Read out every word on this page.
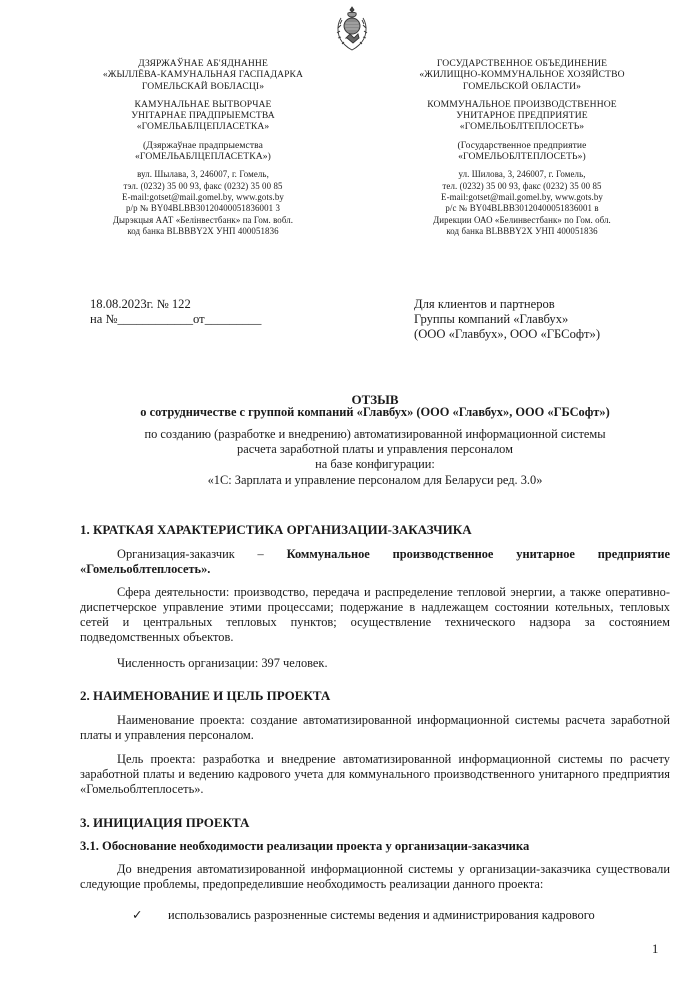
ДЗЯРЖАЎНАЕ АБ'ЯДНАННЕ
«ЖЫЛЛЁВА-КАМУНАЛЬНАЯ ГАСПАДАРКА
ГОМЕЛЬСКАЙ ВОБЛАСЦІ»
КАМУНАЛЬНАЕ ВЫТВОРЧАЕ
УНІТАРНАЕ ПРАДПРЫЕМСТВА
«ГОМЕЛЬАБЛЦЕПЛАСЕТКА»
(Дзяржаўнае прадпрыемства
«ГОМЕЛЬАБЛЦЕПЛАСЕТКА»)
вул. Шылава, 3, 246007, г. Гомель,
тэл. (0232) 35 00 93, факс (0232) 35 00 85
E-mail:gotset@mail.gomel.by, www.gots.by
р/р № BY04BLBB30120400051836001 3
Дырэкцыя ААТ «Белінвестбанк» па Гом. вобл.
код банка BLBBBY2X УНП 400051836
ГОСУДАРСТВЕННОЕ ОБЪЕДИНЕНИЕ
«ЖИЛИЩНО-КОММУНАЛЬНОЕ ХОЗЯЙСТВО
ГОМЕЛЬСКОЙ ОБЛАСТИ»
КОММУНАЛЬНОЕ ПРОИЗВОДСТВЕННОЕ
УНИТАРНОЕ ПРЕДПРИЯТИЕ
«ГОМЕЛЬОБЛТЕПЛОСЕТЬ»
(Государственное предприятие
«ГОМЕЛЬОБЛТЕПЛОСЕТЬ»)
ул. Шилова, 3, 246007, г. Гомель,
тел. (0232) 35 00 93, факс (0232) 35 00 85
E-mail:gotset@mail.gomel.by, www.gots.by
р/с № BY04BLBB30120400051836001 в
Дирекции ОАО «Белинвестбанк» по Гом. обл.
код банка BLBBBY2X УНП 400051836
18.08.2023г. № 122
на №____________от_________
Для клиентов и партнеров
Группы компаний «Главбух»
(ООО «Главбух», ООО «ГБСофт»)
ОТЗЫВ
о сотрудничестве с группой компаний «Главбух» (ООО «Главбух», ООО «ГБСофт»)
по созданию (разработке и внедрению) автоматизированной информационной системы
расчета заработной платы и управления персоналом
на базе конфигурации:
«1С: Зарплата и управление персоналом для Беларуси ред. 3.0»
1. КРАТКАЯ ХАРАКТЕРИСТИКА ОРГАНИЗАЦИИ-ЗАКАЗЧИКА
Организация-заказчик – Коммунальное производственное унитарное предприятие «Гомельоблтеплосеть».
Сфера деятельности: производство, передача и распределение тепловой энергии, а также оперативно-диспетчерское управление этими процессами; подержание в надлежащем состоянии котельных, тепловых сетей и центральных тепловых пунктов; осуществление технического надзора за состоянием подведомственных объектов.
Численность организации: 397 человек.
2. НАИМЕНОВАНИЕ И ЦЕЛЬ ПРОЕКТА
Наименование проекта: создание автоматизированной информационной системы расчета заработной платы и управления персоналом.
Цель проекта: разработка и внедрение автоматизированной информационной системы по расчету заработной платы и ведению кадрового учета для коммунального производственного унитарного предприятия «Гомельоблтеплосеть».
3. ИНИЦИАЦИЯ ПРОЕКТА
3.1. Обоснование необходимости реализации проекта у организации-заказчика
До внедрения автоматизированной информационной системы у организации-заказчика существовали следующие проблемы, предопределившие необходимость реализации данного проекта:
✓ использовались разрозненные системы ведения и администрирования кадрового
1
